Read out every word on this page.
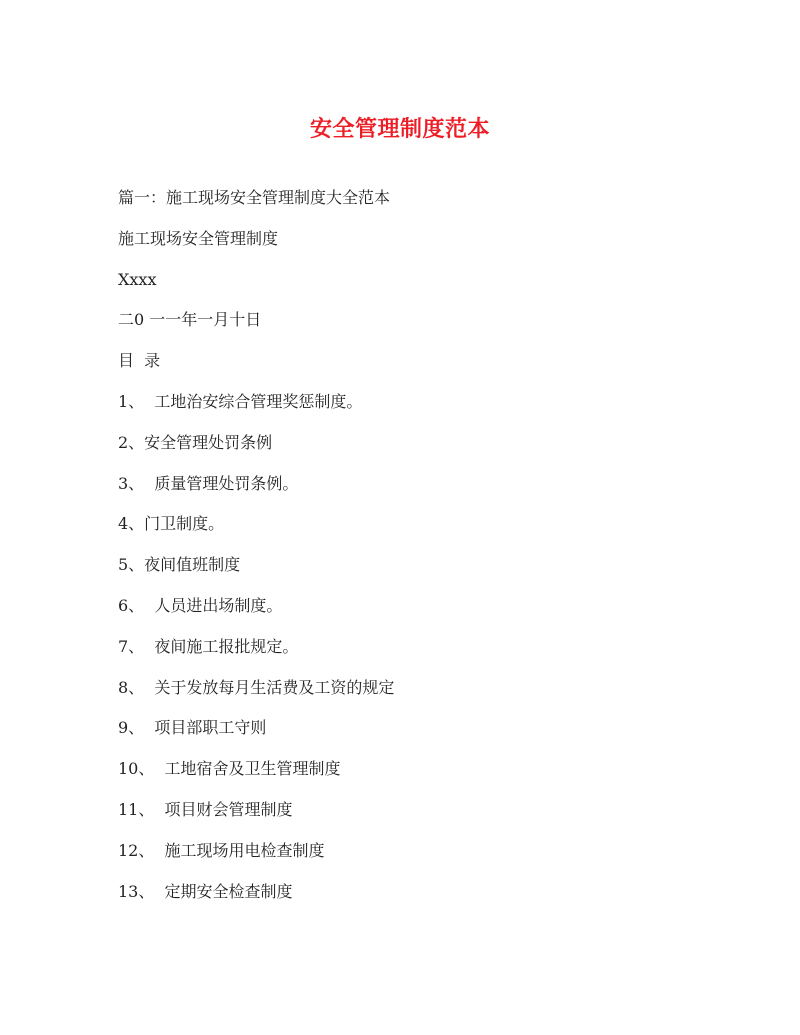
安全管理制度范本
篇一：施工现场安全管理制度大全范本
施工现场安全管理制度
Xxxx
二0 一一年一月十日
目  录
1、  工地治安综合管理奖惩制度。
2、安全管理处罚条例
3、  质量管理处罚条例。
4、门卫制度。
5、夜间值班制度
6、  人员进出场制度。
7、  夜间施工报批规定。
8、  关于发放每月生活费及工资的规定
9、  项目部职工守则
10、  工地宿舍及卫生管理制度
11、  项目财会管理制度
12、  施工现场用电检查制度
13、  定期安全检查制度
